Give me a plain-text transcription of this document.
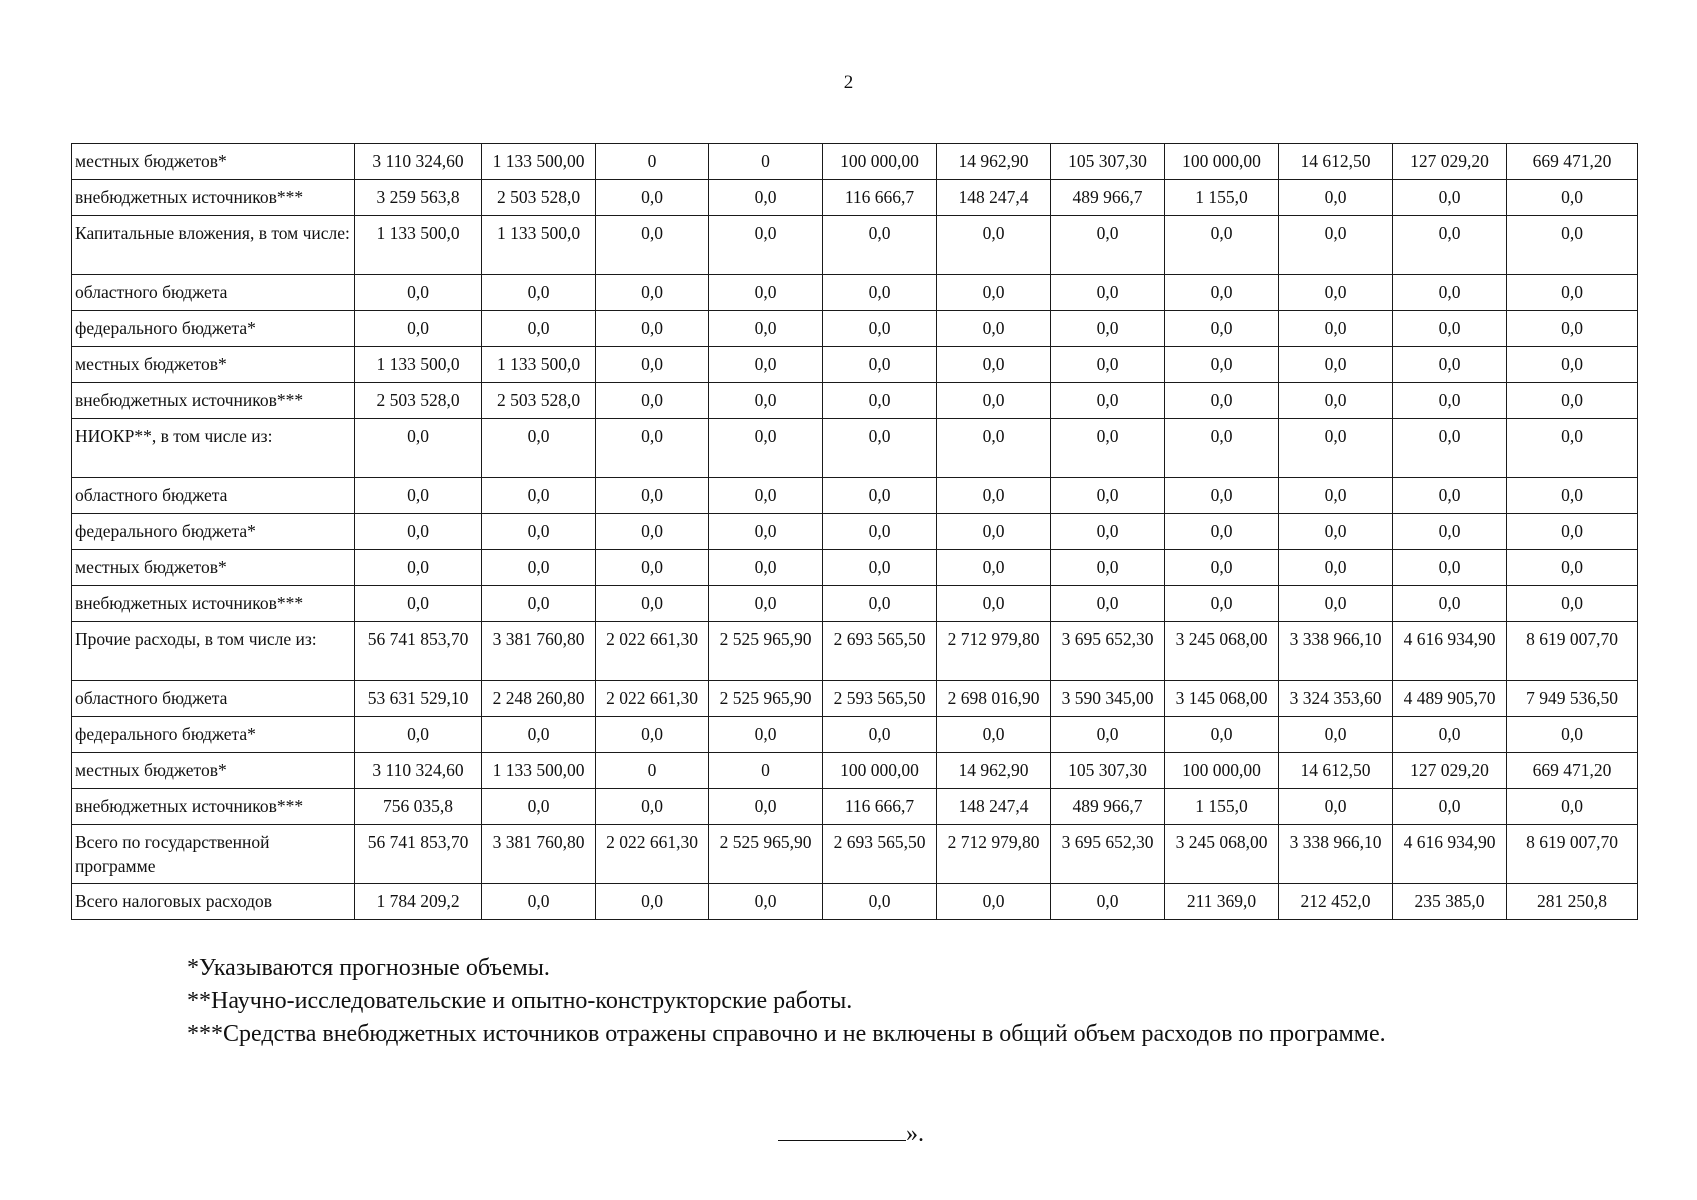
2
местных бюджетов*	3 110 324,60	1 133 500,00	0	0	100 000,00	14 962,90	105 307,30	100 000,00	14 612,50	127 029,20	669 471,20
внебюджетных источников***	3 259 563,8	2 503 528,0	0,0	0,0	116 666,7	148 247,4	489 966,7	1 155,0	0,0	0,0	0,0
Капитальные вложения, в том числе:	1 133 500,0	1 133 500,0	0,0	0,0	0,0	0,0	0,0	0,0	0,0	0,0	0,0
областного бюджета	0,0	0,0	0,0	0,0	0,0	0,0	0,0	0,0	0,0	0,0	0,0
федерального бюджета*	0,0	0,0	0,0	0,0	0,0	0,0	0,0	0,0	0,0	0,0	0,0
местных бюджетов*	1 133 500,0	1 133 500,0	0,0	0,0	0,0	0,0	0,0	0,0	0,0	0,0	0,0
внебюджетных источников***	2 503 528,0	2 503 528,0	0,0	0,0	0,0	0,0	0,0	0,0	0,0	0,0	0,0
НИОКР**, в том числе из:	0,0	0,0	0,0	0,0	0,0	0,0	0,0	0,0	0,0	0,0	0,0
областного бюджета	0,0	0,0	0,0	0,0	0,0	0,0	0,0	0,0	0,0	0,0	0,0
федерального бюджета*	0,0	0,0	0,0	0,0	0,0	0,0	0,0	0,0	0,0	0,0	0,0
местных бюджетов*	0,0	0,0	0,0	0,0	0,0	0,0	0,0	0,0	0,0	0,0	0,0
внебюджетных источников***	0,0	0,0	0,0	0,0	0,0	0,0	0,0	0,0	0,0	0,0	0,0
Прочие расходы, в том числе из:	56 741 853,70	3 381 760,80	2 022 661,30	2 525 965,90	2 693 565,50	2 712 979,80	3 695 652,30	3 245 068,00	3 338 966,10	4 616 934,90	8 619 007,70
областного бюджета	53 631 529,10	2 248 260,80	2 022 661,30	2 525 965,90	2 593 565,50	2 698 016,90	3 590 345,00	3 145 068,00	3 324 353,60	4 489 905,70	7 949 536,50
федерального бюджета*	0,0	0,0	0,0	0,0	0,0	0,0	0,0	0,0	0,0	0,0	0,0
местных бюджетов*	3 110 324,60	1 133 500,00	0	0	100 000,00	14 962,90	105 307,30	100 000,00	14 612,50	127 029,20	669 471,20
внебюджетных источников***	756 035,8	0,0	0,0	0,0	116 666,7	148 247,4	489 966,7	1 155,0	0,0	0,0	0,0
Всего по государственной программе	56 741 853,70	3 381 760,80	2 022 661,30	2 525 965,90	2 693 565,50	2 712 979,80	3 695 652,30	3 245 068,00	3 338 966,10	4 616 934,90	8 619 007,70
Всего налоговых расходов	1 784 209,2	0,0	0,0	0,0	0,0	0,0	0,0	211 369,0	212 452,0	235 385,0	281 250,8
*Указываются прогнозные объемы.
**Научно-исследовательские и опытно-конструкторские работы.
***Средства внебюджетных источников отражены справочно и не включены в общий объем расходов по программе.
».
